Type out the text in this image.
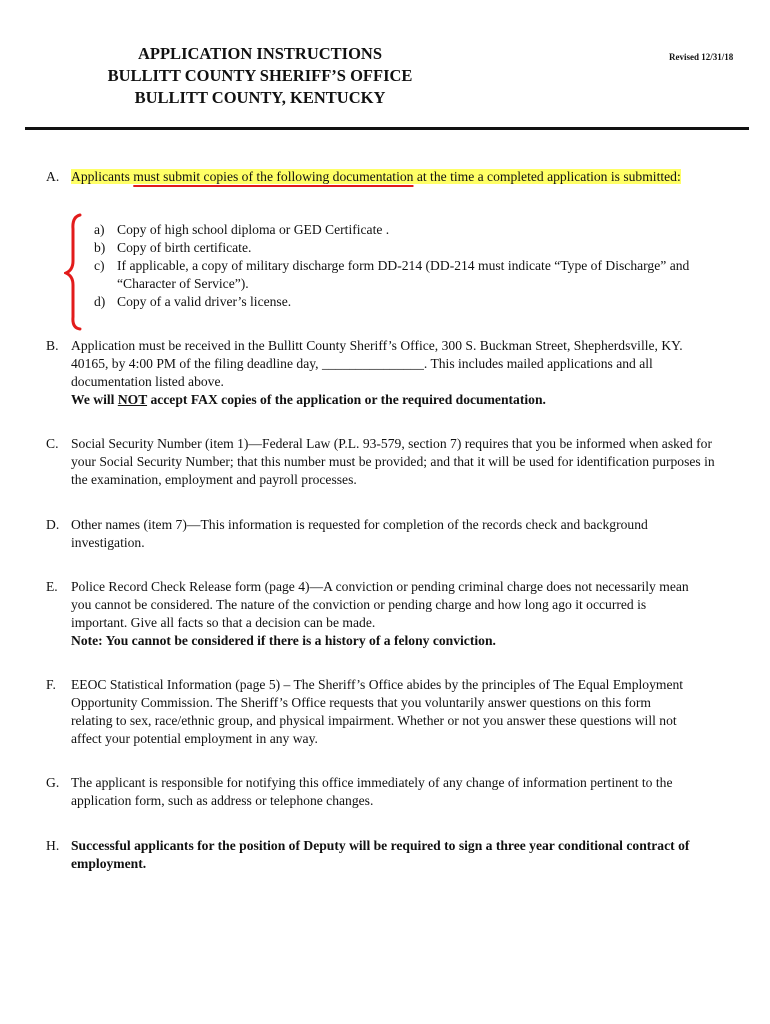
APPLICATION INSTRUCTIONS
BULLITT COUNTY SHERIFF’S OFFICE
BULLITT COUNTY, KENTUCKY
Revised 12/31/18
A. Applicants must submit copies of the following documentation at the time a completed application is submitted:
a) Copy of high school diploma or GED Certificate .
b) Copy of birth certificate.
c) If applicable, a copy of military discharge form DD-214 (DD-214 must indicate “Type of Discharge” and “Character of Service”).
d) Copy of a valid driver’s license.
B. Application must be received in the Bullitt County Sheriff’s Office, 300 S. Buckman Street, Shepherdsville, KY. 40165, by 4:00 PM of the filing deadline day, _______________. This includes mailed applications and all documentation listed above.
We will NOT accept FAX copies of the application or the required documentation.
C. Social Security Number (item 1)—Federal Law (P.L. 93-579, section 7) requires that you be informed when asked for your Social Security Number; that this number must be provided; and that it will be used for identification purposes in the examination, employment and payroll processes.
D. Other names (item 7)—This information is requested for completion of the records check and background investigation.
E. Police Record Check Release form (page 4)—A conviction or pending criminal charge does not necessarily mean you cannot be considered. The nature of the conviction or pending charge and how long ago it occurred is important. Give all facts so that a decision can be made.
Note: You cannot be considered if there is a history of a felony conviction.
F. EEOC Statistical Information (page 5) – The Sheriff’s Office abides by the principles of The Equal Employment Opportunity Commission. The Sheriff’s Office requests that you voluntarily answer questions on this form relating to sex, race/ethnic group, and physical impairment. Whether or not you answer these questions will not affect your potential employment in any way.
G. The applicant is responsible for notifying this office immediately of any change of information pertinent to the application form, such as address or telephone changes.
H. Successful applicants for the position of Deputy will be required to sign a three year conditional contract of employment.
